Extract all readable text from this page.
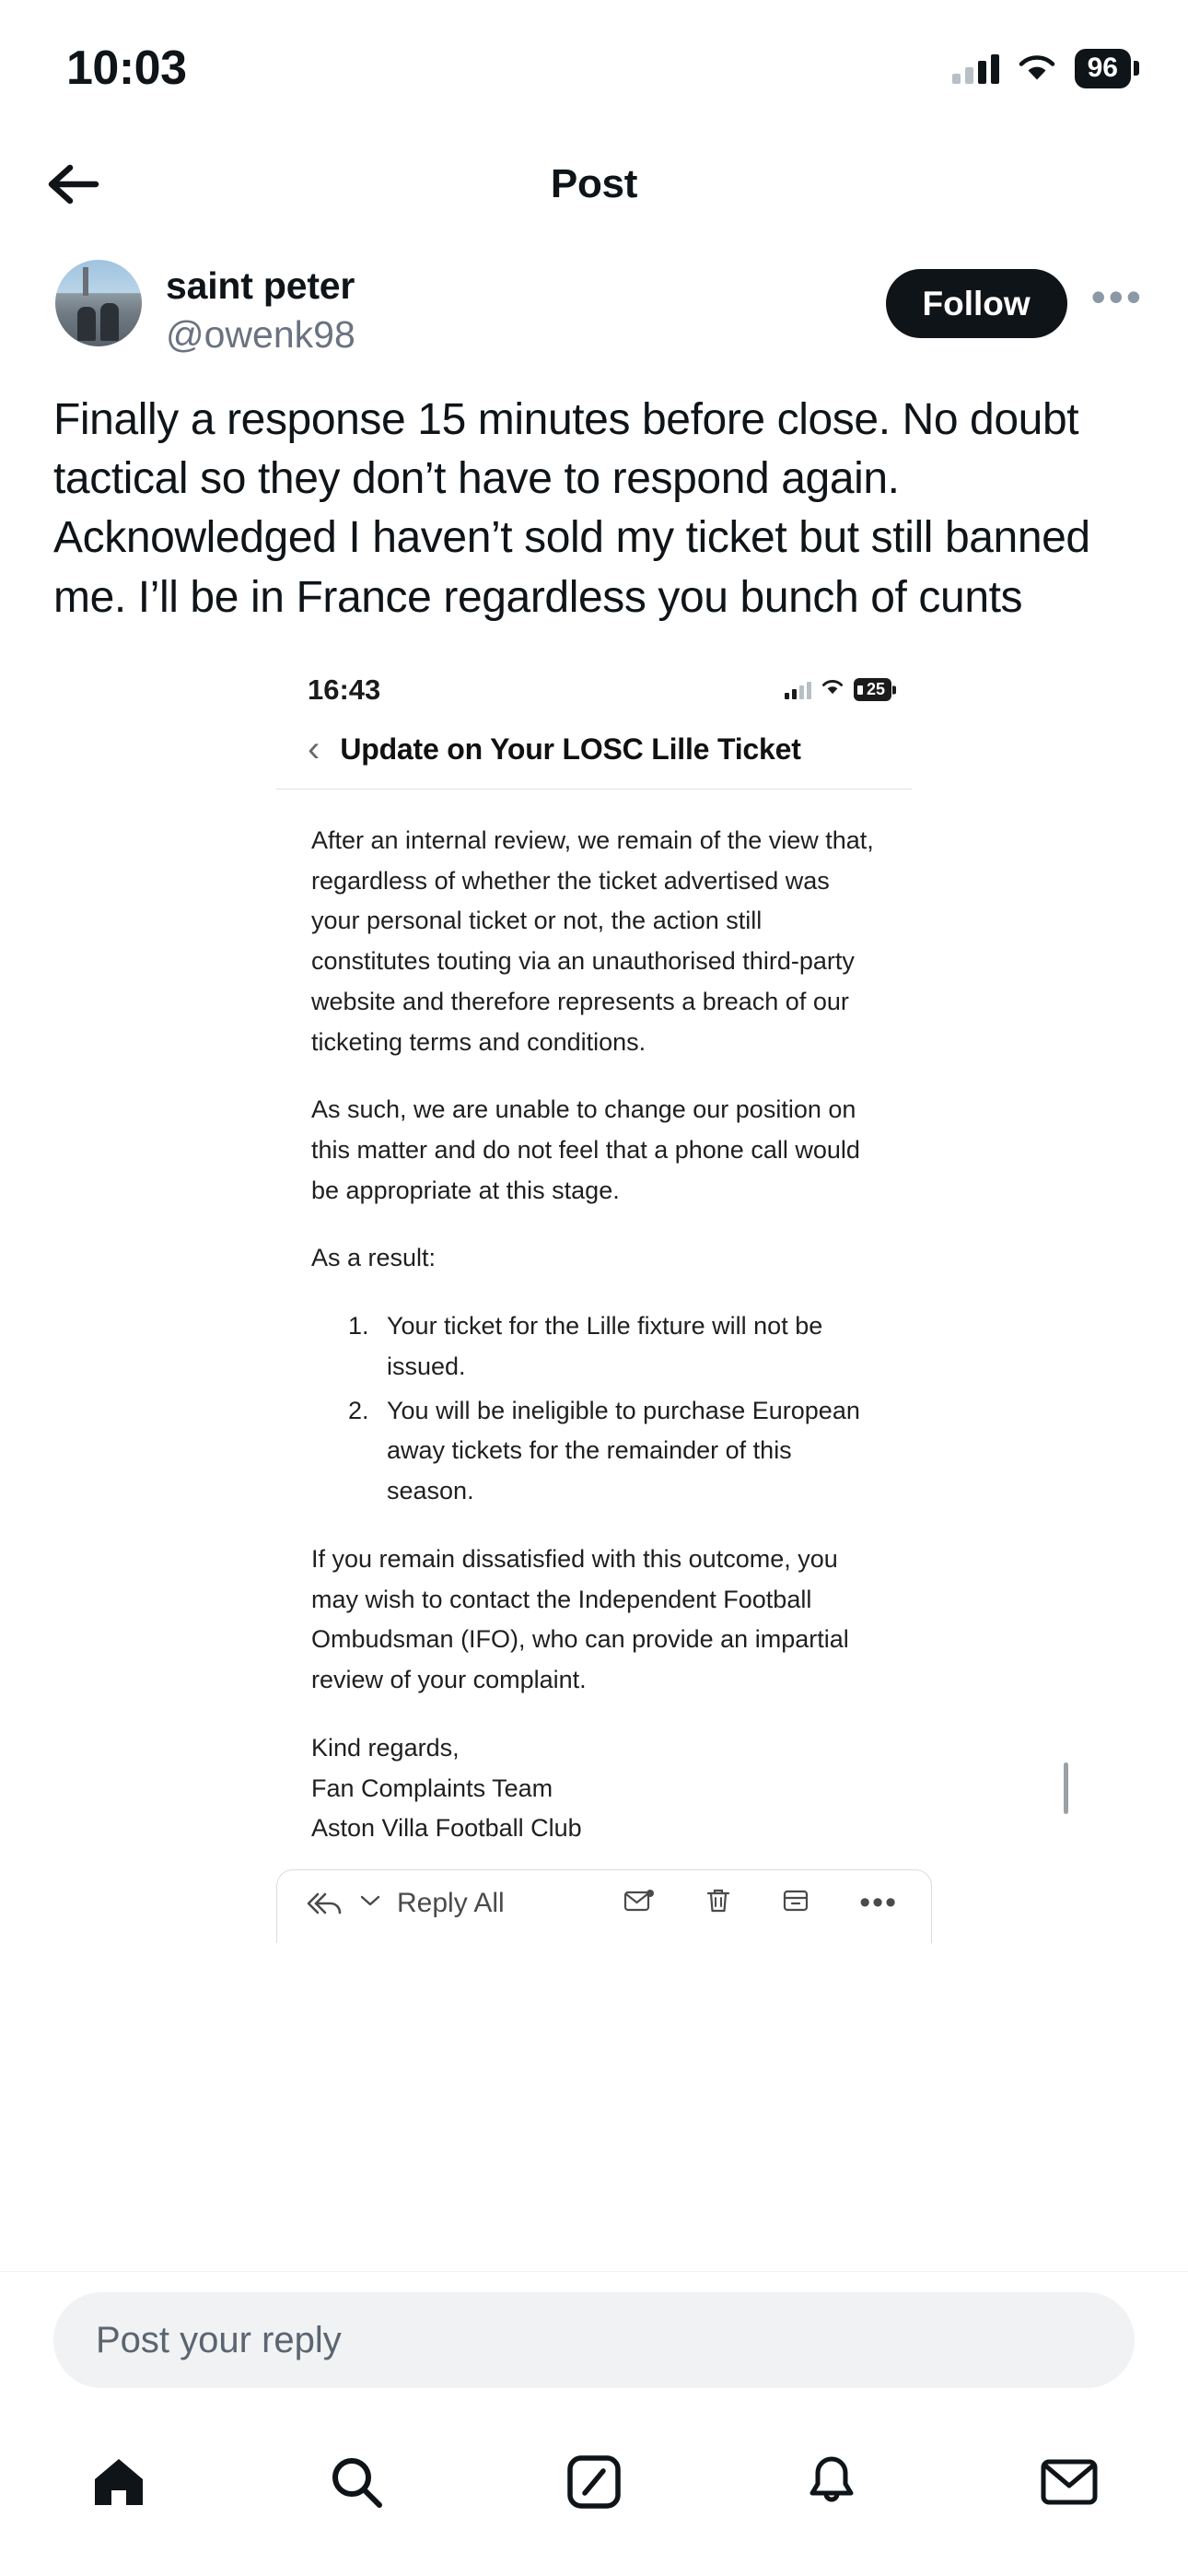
10:03	96
Post
saint peter
@owenk98
Follow	•••
Finally a response 15 minutes before close. No doubt tactical so they don’t have to respond again. Acknowledged I haven’t sold my ticket but still banned me. I’ll be in France regardless you bunch of cunts
16:43	25
‹ Update on Your LOSC Lille Ticket

After an internal review, we remain of the view that, regardless of whether the ticket advertised was your personal ticket or not, the action still constitutes touting via an unauthorised third-party website and therefore represents a breach of our ticketing terms and conditions.

As such, we are unable to change our position on this matter and do not feel that a phone call would be appropriate at this stage.

As a result:

1. Your ticket for the Lille fixture will not be issued.
2. You will be ineligible to purchase European away tickets for the remainder of this season.

If you remain dissatisfied with this outcome, you may wish to contact the Independent Football Ombudsman (IFO), who can provide an impartial review of your complaint.

Kind regards,

Fan Complaints Team

Aston Villa Football Club

Reply All	•••
Post your reply
